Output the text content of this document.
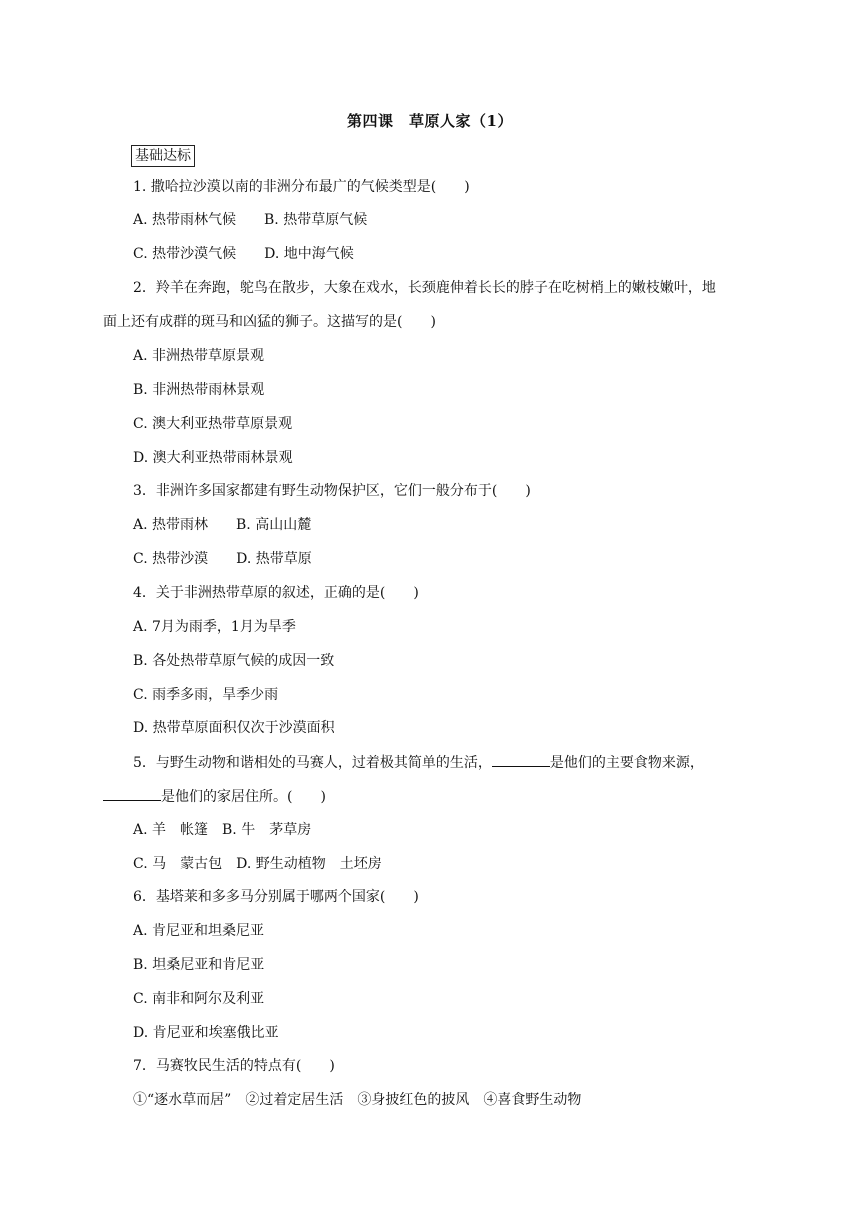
第四课　草原人家（1）
基础达标
1. 撒哈拉沙漠以南的非洲分布最广的气候类型是(　　)
A. 热带雨林气候　　B. 热带草原气候
C. 热带沙漠气候　　D. 地中海气候
2．羚羊在奔跑，鸵鸟在散步，大象在戏水，长颈鹿伸着长长的脖子在吃树梢上的嫩枝嫩叶，地
面上还有成群的斑马和凶猛的狮子。这描写的是(　　)
A. 非洲热带草原景观
B. 非洲热带雨林景观
C. 澳大利亚热带草原景观
D. 澳大利亚热带雨林景观
3．非洲许多国家都建有野生动物保护区，它们一般分布于(　　)
A. 热带雨林　　B. 高山山麓
C. 热带沙漠　　D. 热带草原
4．关于非洲热带草原的叙述，正确的是(　　)
A. 7月为雨季，1月为旱季
B. 各处热带草原气候的成因一致
C. 雨季多雨，旱季少雨
D. 热带草原面积仅次于沙漠面积
5．与野生动物和谐相处的马赛人，过着极其简单的生活，	是他们的主要食物来源，
是他们的家居住所。(　　)
A. 羊　帐篷　B. 牛　茅草房
C. 马　蒙古包　D. 野生动植物　土坯房
6．基塔莱和多多马分别属于哪两个国家(　　)
A. 肯尼亚和坦桑尼亚
B. 坦桑尼亚和肯尼亚
C. 南非和阿尔及利亚
D. 肯尼亚和埃塞俄比亚
7．马赛牧民生活的特点有(　　)
①“逐水草而居”　②过着定居生活　③身披红色的披风　④喜食野生动物
